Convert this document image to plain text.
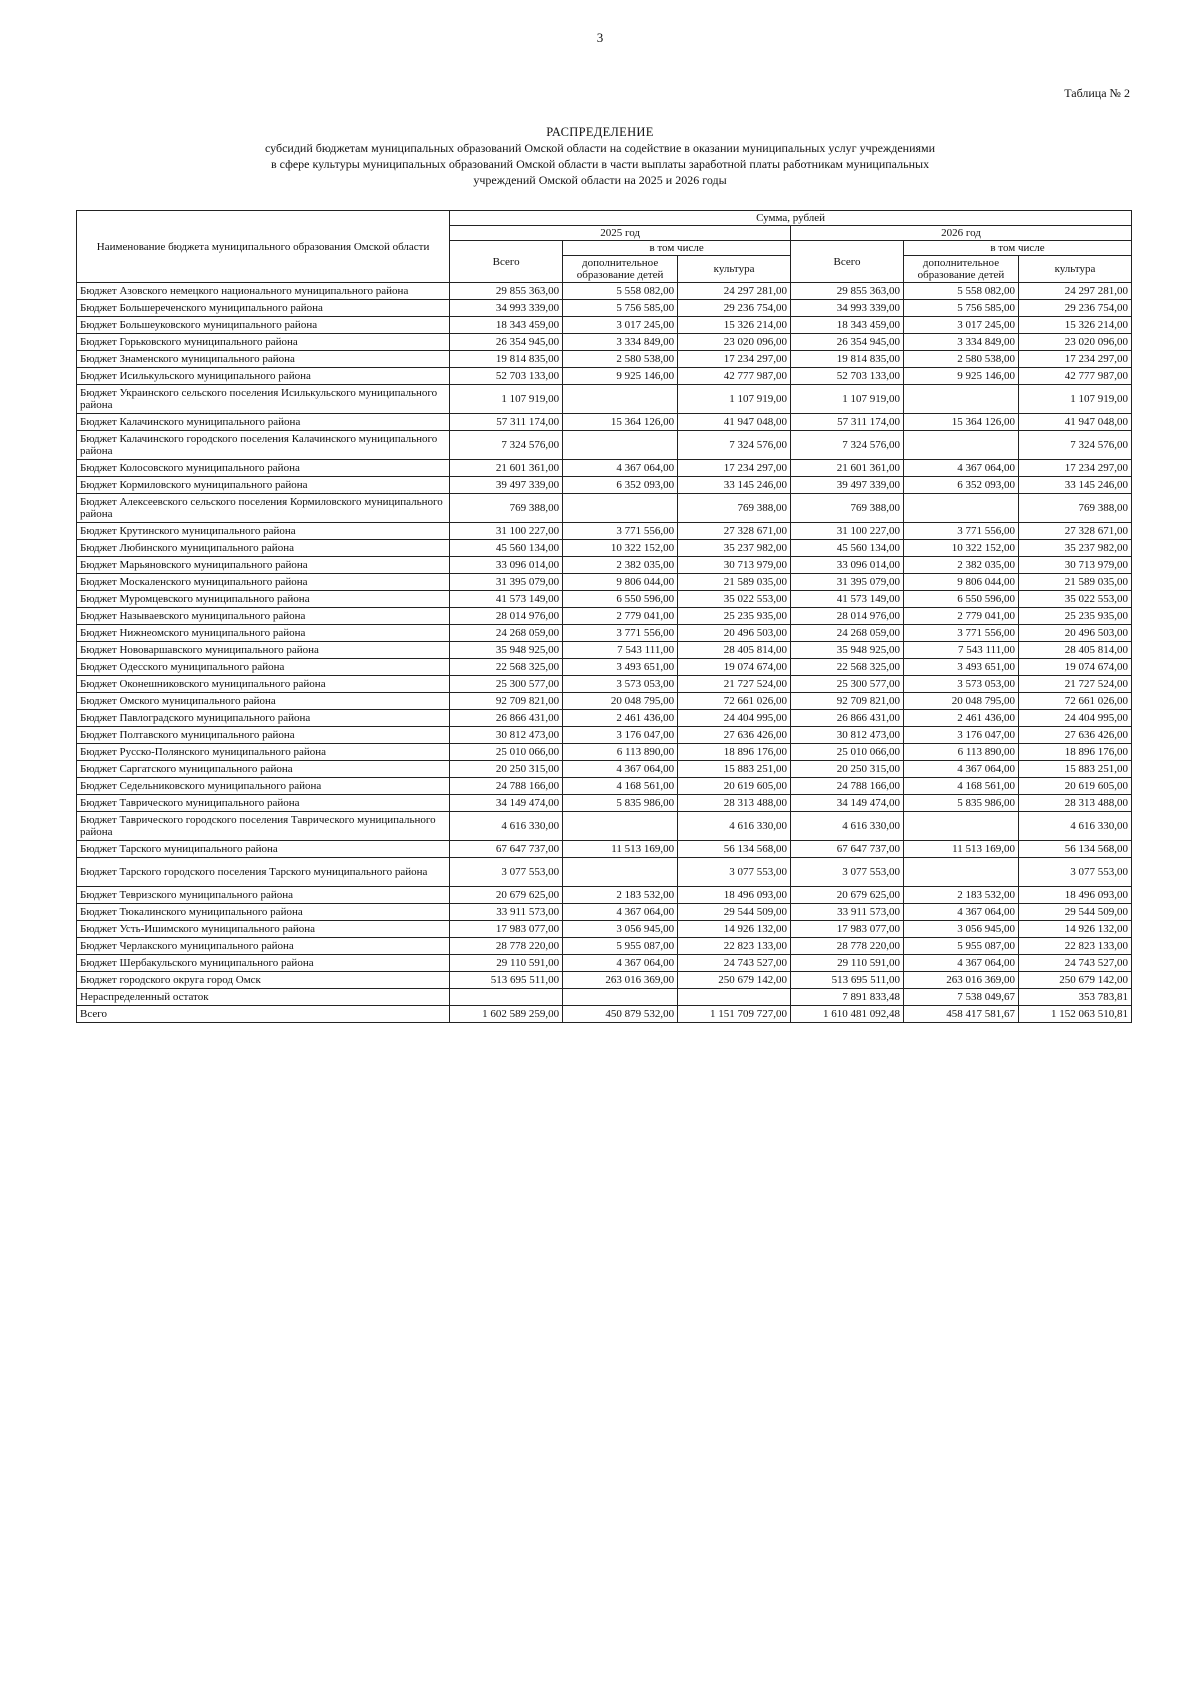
3
Таблица № 2
РАСПРЕДЕЛЕНИЕ
субсидий бюджетам муниципальных образований Омской области на содействие в оказании муниципальных услуг учреждениями
в сфере культуры муниципальных образований Омской области в части выплаты заработной платы работникам муниципальных
учреждений Омской области на 2025 и 2026 годы
Наименование бюджета муниципального образования Омской области	Сумма, рублей					
	2025 год			2026 год		
	Всего	в том числе		Всего	в том числе	
		дополнительное образование детей	культура		дополнительное образование детей	культура
Бюджет Азовского немецкого национального муниципального района	29 855 363,00	5 558 082,00	24 297 281,00	29 855 363,00	5 558 082,00	24 297 281,00
Бюджет Большереченского муниципального района	34 993 339,00	5 756 585,00	29 236 754,00	34 993 339,00	5 756 585,00	29 236 754,00
Бюджет Большеуковского муниципального района	18 343 459,00	3 017 245,00	15 326 214,00	18 343 459,00	3 017 245,00	15 326 214,00
Бюджет Горьковского муниципального района	26 354 945,00	3 334 849,00	23 020 096,00	26 354 945,00	3 334 849,00	23 020 096,00
Бюджет Знаменского муниципального района	19 814 835,00	2 580 538,00	17 234 297,00	19 814 835,00	2 580 538,00	17 234 297,00
Бюджет Исилькульского муниципального района	52 703 133,00	9 925 146,00	42 777 987,00	52 703 133,00	9 925 146,00	42 777 987,00
Бюджет Украинского сельского поселения Исилькульского муниципального района	1 107 919,00		1 107 919,00	1 107 919,00		1 107 919,00
Бюджет Калачинского муниципального района	57 311 174,00	15 364 126,00	41 947 048,00	57 311 174,00	15 364 126,00	41 947 048,00
Бюджет Калачинского городского поселения Калачинского муниципального района	7 324 576,00		7 324 576,00	7 324 576,00		7 324 576,00
Бюджет Колосовского муниципального района	21 601 361,00	4 367 064,00	17 234 297,00	21 601 361,00	4 367 064,00	17 234 297,00
Бюджет Кормиловского муниципального района	39 497 339,00	6 352 093,00	33 145 246,00	39 497 339,00	6 352 093,00	33 145 246,00
Бюджет Алексеевского сельского поселения Кормиловского муниципального района	769 388,00		769 388,00	769 388,00		769 388,00
Бюджет Крутинского муниципального района	31 100 227,00	3 771 556,00	27 328 671,00	31 100 227,00	3 771 556,00	27 328 671,00
Бюджет Любинского муниципального района	45 560 134,00	10 322 152,00	35 237 982,00	45 560 134,00	10 322 152,00	35 237 982,00
Бюджет Марьяновского муниципального района	33 096 014,00	2 382 035,00	30 713 979,00	33 096 014,00	2 382 035,00	30 713 979,00
Бюджет Москаленского муниципального района	31 395 079,00	9 806 044,00	21 589 035,00	31 395 079,00	9 806 044,00	21 589 035,00
Бюджет Муромцевского муниципального района	41 573 149,00	6 550 596,00	35 022 553,00	41 573 149,00	6 550 596,00	35 022 553,00
Бюджет Называевского муниципального района	28 014 976,00	2 779 041,00	25 235 935,00	28 014 976,00	2 779 041,00	25 235 935,00
Бюджет Нижнеомского муниципального района	24 268 059,00	3 771 556,00	20 496 503,00	24 268 059,00	3 771 556,00	20 496 503,00
Бюджет Нововаршавского муниципального района	35 948 925,00	7 543 111,00	28 405 814,00	35 948 925,00	7 543 111,00	28 405 814,00
Бюджет Одесского муниципального района	22 568 325,00	3 493 651,00	19 074 674,00	22 568 325,00	3 493 651,00	19 074 674,00
Бюджет Оконешниковского муниципального района	25 300 577,00	3 573 053,00	21 727 524,00	25 300 577,00	3 573 053,00	21 727 524,00
Бюджет Омского муниципального района	92 709 821,00	20 048 795,00	72 661 026,00	92 709 821,00	20 048 795,00	72 661 026,00
Бюджет Павлоградского муниципального района	26 866 431,00	2 461 436,00	24 404 995,00	26 866 431,00	2 461 436,00	24 404 995,00
Бюджет Полтавского муниципального района	30 812 473,00	3 176 047,00	27 636 426,00	30 812 473,00	3 176 047,00	27 636 426,00
Бюджет Русско-Полянского муниципального района	25 010 066,00	6 113 890,00	18 896 176,00	25 010 066,00	6 113 890,00	18 896 176,00
Бюджет Саргатского муниципального района	20 250 315,00	4 367 064,00	15 883 251,00	20 250 315,00	4 367 064,00	15 883 251,00
Бюджет Седельниковского муниципального района	24 788 166,00	4 168 561,00	20 619 605,00	24 788 166,00	4 168 561,00	20 619 605,00
Бюджет Таврического муниципального района	34 149 474,00	5 835 986,00	28 313 488,00	34 149 474,00	5 835 986,00	28 313 488,00
Бюджет Таврического городского поселения Таврического муниципального района	4 616 330,00		4 616 330,00	4 616 330,00		4 616 330,00
Бюджет Тарского муниципального района	67 647 737,00	11 513 169,00	56 134 568,00	67 647 737,00	11 513 169,00	56 134 568,00
Бюджет Тарского городского поселения Тарского муниципального района	3 077 553,00		3 077 553,00	3 077 553,00		3 077 553,00
Бюджет Тевризского муниципального района	20 679 625,00	2 183 532,00	18 496 093,00	20 679 625,00	2 183 532,00	18 496 093,00
Бюджет Тюкалинского муниципального района	33 911 573,00	4 367 064,00	29 544 509,00	33 911 573,00	4 367 064,00	29 544 509,00
Бюджет Усть-Ишимского муниципального района	17 983 077,00	3 056 945,00	14 926 132,00	17 983 077,00	3 056 945,00	14 926 132,00
Бюджет Черлакского муниципального района	28 778 220,00	5 955 087,00	22 823 133,00	28 778 220,00	5 955 087,00	22 823 133,00
Бюджет Шербакульского муниципального района	29 110 591,00	4 367 064,00	24 743 527,00	29 110 591,00	4 367 064,00	24 743 527,00
Бюджет городского округа город Омск	513 695 511,00	263 016 369,00	250 679 142,00	513 695 511,00	263 016 369,00	250 679 142,00
Нераспределенный остаток				7 891 833,48	7 538 049,67	353 783,81
Всего	1 602 589 259,00	450 879 532,00	1 151 709 727,00	1 610 481 092,48	458 417 581,67	1 152 063 510,81
